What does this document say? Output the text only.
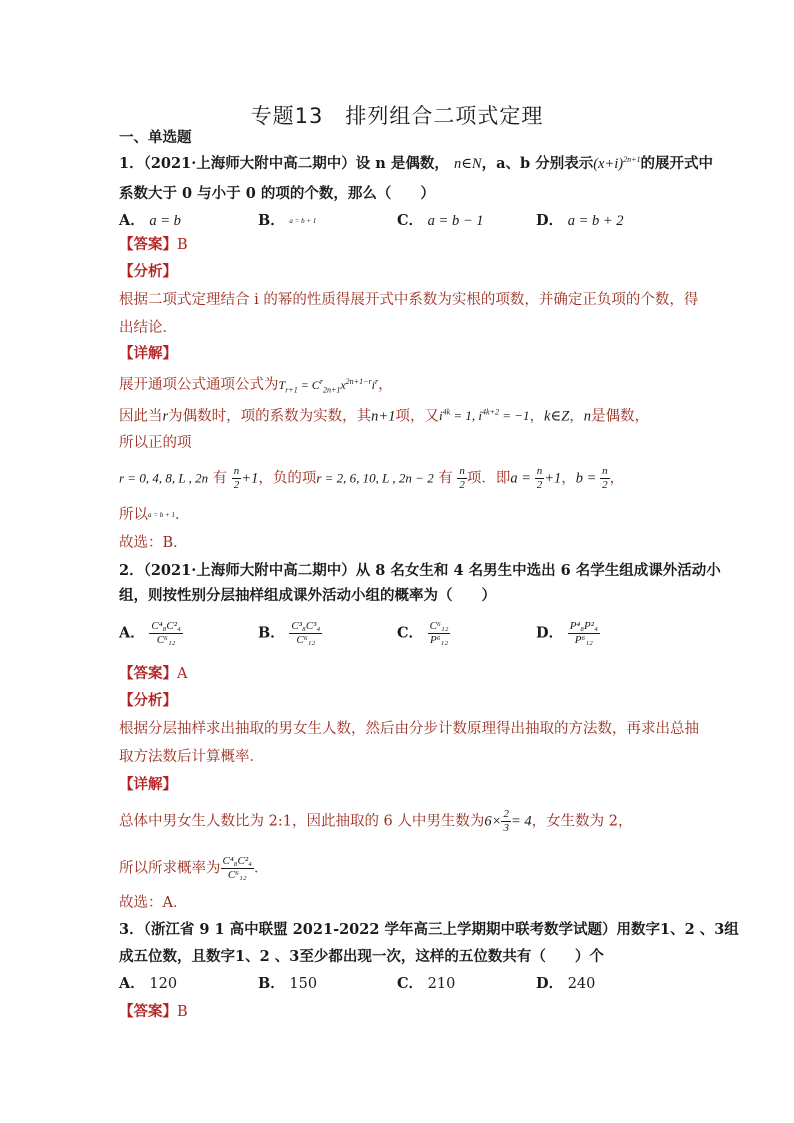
专题13　排列组合二项式定理
一、单选题
1．（2021·上海师大附中高二期中）设 n 是偶数， n∈N，a、b 分别表示$(x+i)^{2n+1}$的展开式中
系数大于 0 与小于 0 的项的个数，那么（　　）
A． a = b	B． a = b + 1	C． a = b − 1	D． a = b + 2
【答案】B
【分析】
根据二项式定理结合 i 的幂的性质得展开式中系数为实根的项数，并确定正负项的个数，得
出结论．
【详解】
展开通项公式通项公式为$T_{r+1} = C^r_{2n+1}x^{2n+1-r}i^r$，
因此当r为偶数时，项的系数为实数，其n+1项，又$i^{4k} = 1$, $i^{4k+2} = -1$，k∈Z，n是偶数，
所以正的项
r = 0, 4, 8, L , 2n 有 $\frac{n}{2} +1$，负的项r = 2, 6, 10, L , 2n − 2 有 $\frac{n}{2}$ 项．即$a = \frac{n}{2} +1$，$b = \frac{n}{2}$ ，
所以a = b + 1．
故选：B．
2．（2021·上海师大附中高二期中）从 8 名女生和 4 名男生中选出 6 名学生组成课外活动小
组，则按性别分层抽样组成课外活动小组的概率为（　　）
A． $\frac{\text{C⁴₈C²₄}}{\text{C⁶₁₂}}$	B． $\frac{\text{C³₈C³₄}}{\text{C⁶₁₂}}$	C． $\frac{\text{C⁶₁₂}}{\text{P⁶₁₂}}$	D． $\frac{\text{P⁴₈P²₄}}{\text{P⁶₁₂}}$
【答案】A
【分析】
根据分层抽样求出抽取的男女生人数，然后由分步计数原理得出抽取的方法数，再求出总抽
取方法数后计算概率．
【详解】
总体中男女生人数比为 2:1，因此抽取的 6 人中男生数为$6\times \frac{2}{3} = 4$，女生数为 2，
所以所求概率为 $\frac{\text{C⁴₈C²₄}}{\text{C⁶₁₂}}$ ．
故选：A．
3．（浙江省 9 1 高中联盟 2021-2022 学年高三上学期期中联考数学试题）用数字1、2 、3组
成五位数，且数字1、2 、3至少都出现一次，这样的五位数共有（　　）个
A． 120	B． 150	C． 210	D． 240
【答案】B
